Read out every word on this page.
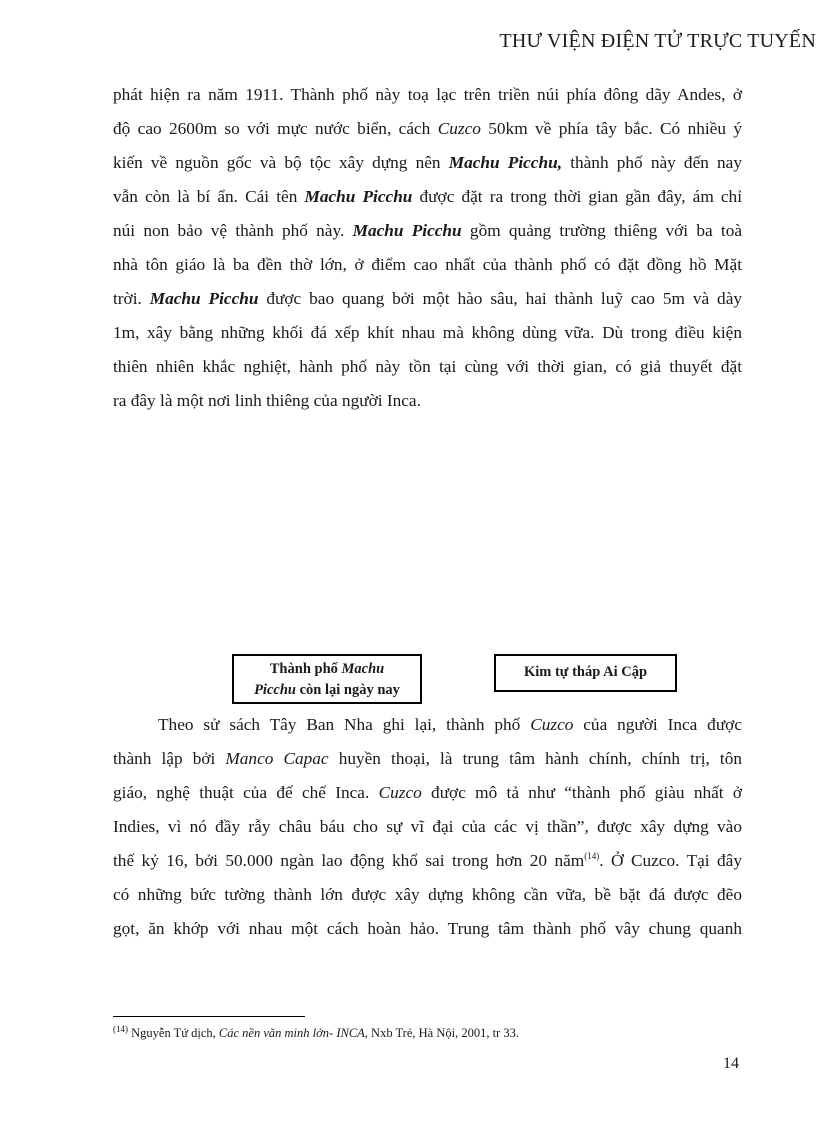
THƯ VIỆN ĐIỆN TỬ TRỰC TUYẾN
phát hiện ra năm 1911. Thành phố này toạ lạc trên triền núi phía đông dãy Andes, ở
độ cao 2600m so với mực nước biển, cách Cuzco 50km về phía tây bắc. Có nhiều ý
kiến về nguồn gốc và bộ tộc xây dựng nên Machu Picchu, thành phố này đến nay
vẫn còn là bí ẩn. Cái tên Machu Picchu được đặt ra trong thời gian gần đây, ám chỉ
núi non bảo vệ thành phố này. Machu Picchu gồm quảng trường thiêng với ba toà
nhà tôn giáo là ba đền thờ lớn, ở điểm cao nhất của thành phố có đặt đồng hồ Mặt
trời. Machu Picchu được bao quang bởi một hào sâu, hai thành luỹ cao 5m và dày
1m, xây bằng những khối đá xếp khít nhau mà không dùng vữa. Dù trong điều kiện
thiên nhiên khắc nghiệt, hành phố này tồn tại cùng với thời gian, có giả thuyết đặt
ra đây là một nơi linh thiêng của người Inca.
Thành phố Machu
Picchu còn lại ngày nay
Kim tự tháp Ai Cập
Theo sử sách Tây Ban Nha ghi lại, thành phố Cuzco của người Inca được
thành lập bởi Manco Capac huyền thoại, là trung tâm hành chính, chính trị, tôn
giáo, nghệ thuật của đế chế Inca. Cuzco được mô tả như “thành phố giàu nhất ở
Indies, vì nó đầy rẫy châu báu cho sự vĩ đại của các vị thần”, được xây dựng vào
thế kỷ 16, bởi 50.000 ngàn lao động khổ sai trong hơn 20 năm$^{(14)}$. Ở Cuzco. Tại đây
có những bức tường thành lớn được xây dựng không cần vữa, bề bặt đá được đẽo
gọt, ăn khớp với nhau một cách hoàn hảo. Trung tâm thành phố vây chung quanh
$^{(14)}$ Nguyễn Tứ dịch, Các nền văn minh lớn- INCA, Nxb Trẻ, Hà Nội, 2001, tr 33.
14
